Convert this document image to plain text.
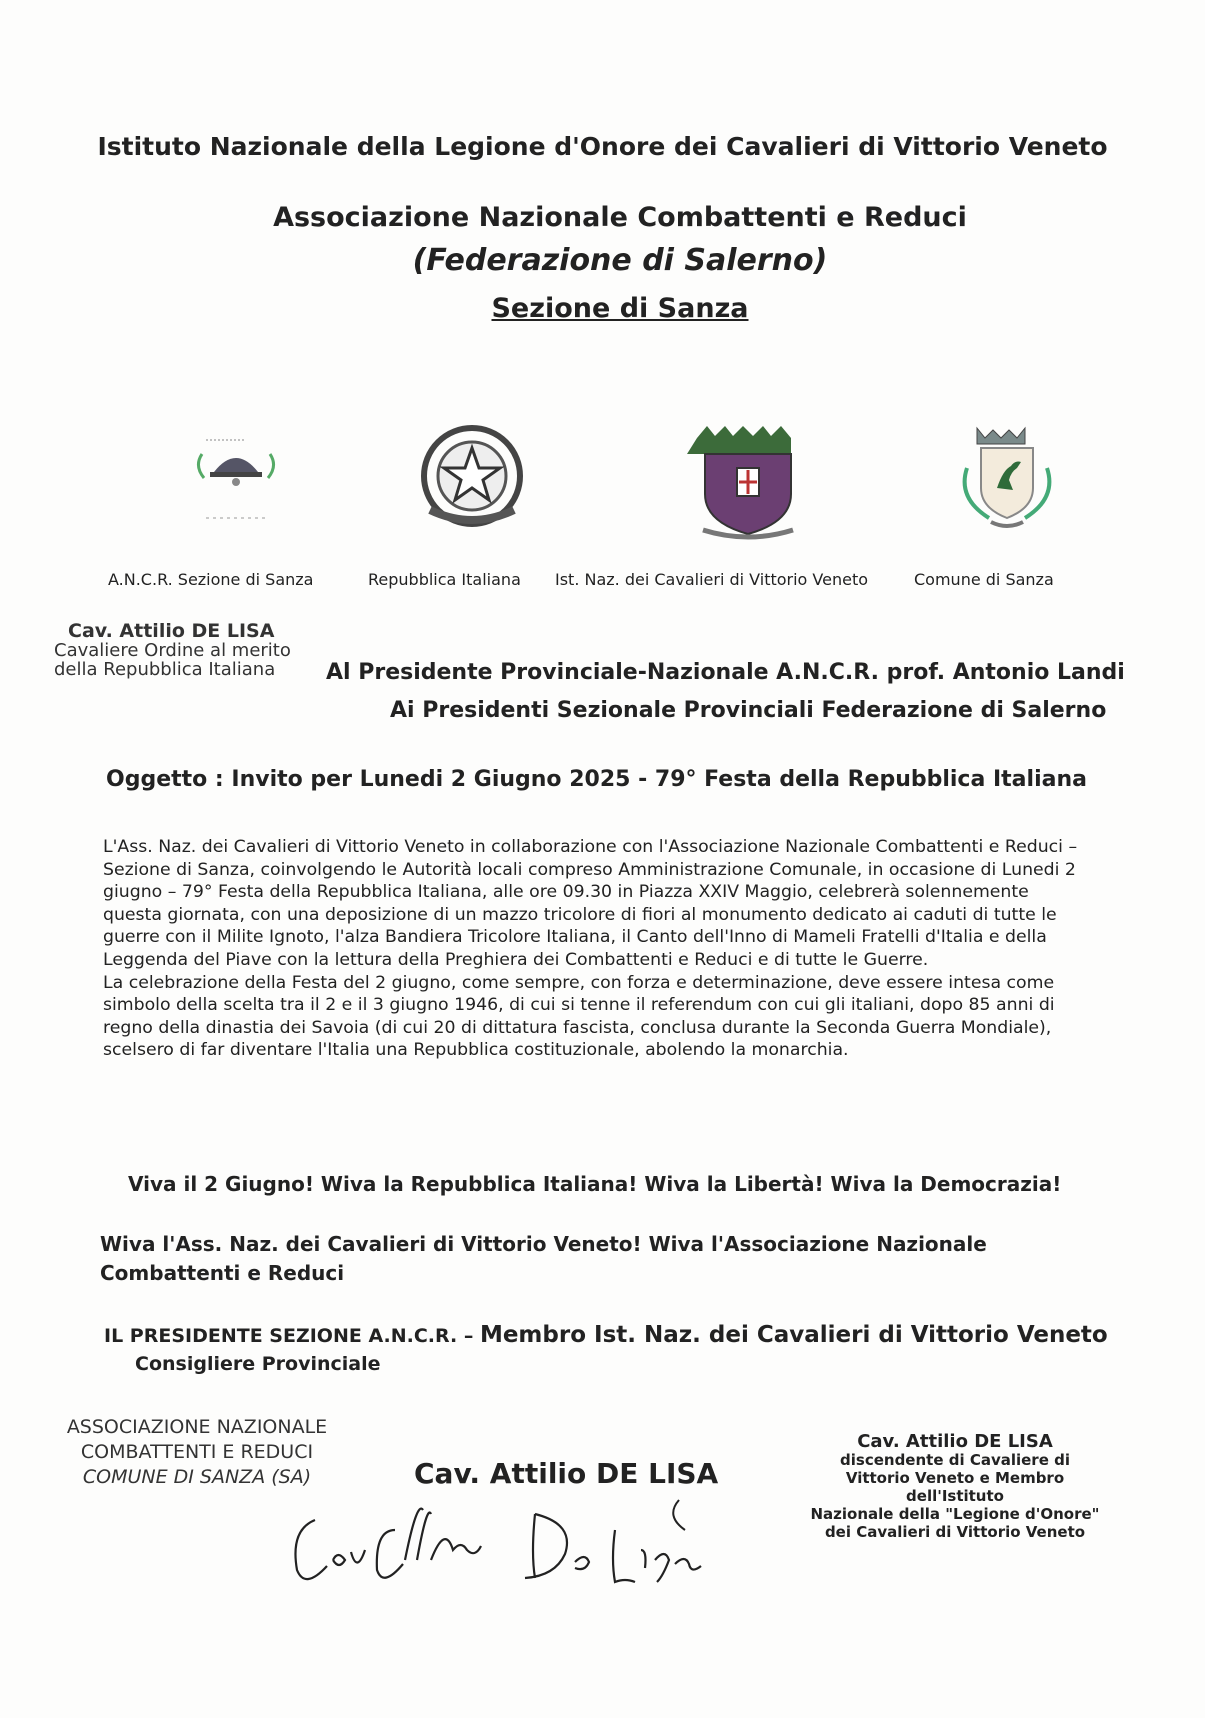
Istituto Nazionale della Legione d'Onore dei Cavalieri di Vittorio Veneto
Associazione Nazionale Combattenti e Reduci
(Federazione di Salerno)
Sezione di Sanza
A.N.C.R. Sezione di Sanza	Repubblica Italiana Ist. Naz. dei Cavalieri di Vittorio Veneto	Comune di Sanza
Cav. Attilio DE LISA
Cavaliere Ordine al merito
della Repubblica Italiana	Al Presidente Provinciale-Nazionale A.N.C.R. prof. Antonio Landi
Ai Presidenti Sezionale Provinciali Federazione di Salerno
Oggetto : Invito per Lunedi 2 Giugno 2025 - 79° Festa della Repubblica Italiana

L'Ass. Naz. dei Cavalieri di Vittorio Veneto in collaborazione con l'Associazione Nazionale Combattenti e Reduci – Sezione di Sanza, coinvolgendo le Autorità locali compreso Amministrazione Comunale, in occasione di Lunedi 2 giugno – 79° Festa della Repubblica Italiana, alle ore 09.30 in Piazza XXIV Maggio, celebrerà solennemente questa giornata, con una deposizione di un mazzo tricolore di fiori al monumento dedicato ai caduti di tutte le guerre con il Milite Ignoto, l'alza Bandiera Tricolore Italiana, il Canto dell'Inno di Mameli Fratelli d'Italia e della Leggenda del Piave con la lettura della Preghiera dei Combattenti e Reduci e di tutte le Guerre.

La celebrazione della Festa del 2 giugno, come sempre, con forza e determinazione, deve essere intesa come simbolo della scelta tra il 2 e il 3 giugno 1946, di cui si tenne il referendum con cui gli italiani, dopo 85 anni di regno della dinastia dei Savoia (di cui 20 di dittatura fascista, conclusa durante la Seconda Guerra Mondiale), scelsero di far diventare l'Italia una Repubblica costituzionale, abolendo la monarchia.

Viva il 2 Giugno! Wiva la Repubblica Italiana! Wiva la Libertà! Wiva la Democrazia!
Wiva l'Ass. Naz. dei Cavalieri di Vittorio Veneto! Wiva l'Associazione Nazionale Combattenti e Reduci
IL PRESIDENTE SEZIONE A.N.C.R. – Membro Ist. Naz. dei Cavalieri di Vittorio Veneto
Consigliere Provinciale
ASSOCIAZIONE NAZIONALE
COMBATTENTI E REDUCI
COMUNE DI SANZA (SA)	Cav. Attilio DE LISA
Cav. Attilio DE LISA
discendente di Cavaliere di
Vittorio Veneto e Membro dell'Istituto
Nazionale della "Legione d'Onore"
dei Cavalieri di Vittorio Veneto
